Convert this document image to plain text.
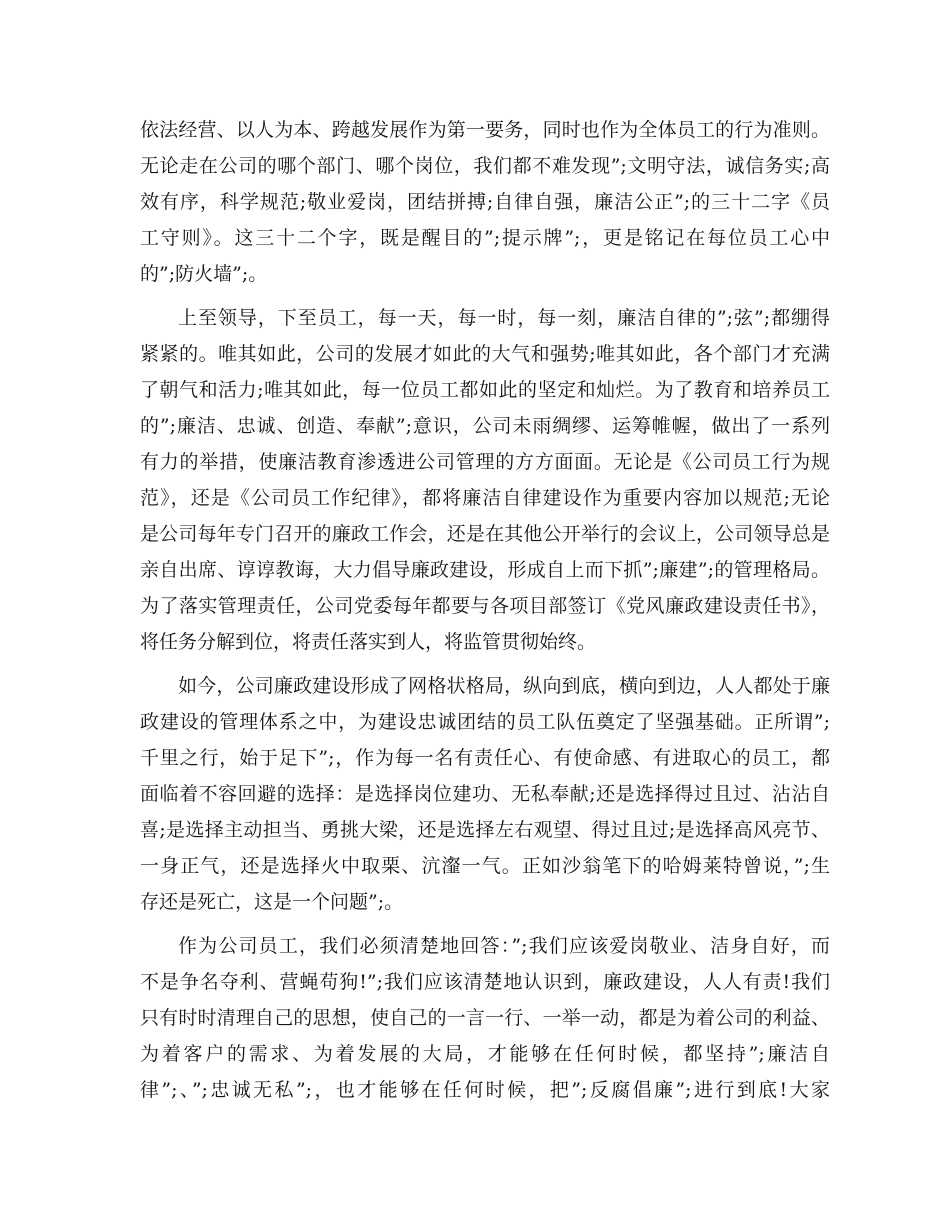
依法经营、以人为本、跨越发展作为第一要务，同时也作为全体员工的行为准则。
无论走在公司的哪个部门、哪个岗位，我们都不难发现”;文明守法，诚信务实;高
效有序，科学规范;敬业爱岗，团结拼搏;自律自强，廉洁公正”;的三十二字《员
工守则》。这三十二个字，既是醒目的”;提示牌”;，更是铭记在每位员工心中
的”;防火墙”;。
上至领导，下至员工，每一天，每一时，每一刻，廉洁自律的”;弦”;都绷得
紧紧的。唯其如此，公司的发展才如此的大气和强势;唯其如此，各个部门才充满
了朝气和活力;唯其如此，每一位员工都如此的坚定和灿烂。为了教育和培养员工
的”;廉洁、忠诚、创造、奉献”;意识，公司未雨绸缪、运筹帷幄，做出了一系列
有力的举措，使廉洁教育渗透进公司管理的方方面面。无论是《公司员工行为规
范》，还是《公司员工作纪律》，都将廉洁自律建设作为重要内容加以规范;无论
是公司每年专门召开的廉政工作会，还是在其他公开举行的会议上，公司领导总是
亲自出席、谆谆教诲，大力倡导廉政建设，形成自上而下抓”;廉建”;的管理格局。
为了落实管理责任，公司党委每年都要与各项目部签订《党风廉政建设责任书》，
将任务分解到位，将责任落实到人，将监管贯彻始终。
如今，公司廉政建设形成了网格状格局，纵向到底，横向到边，人人都处于廉
政建设的管理体系之中，为建设忠诚团结的员工队伍奠定了坚强基础。正所谓”;
千里之行，始于足下”;，作为每一名有责任心、有使命感、有进取心的员工，都
面临着不容回避的选择：是选择岗位建功、无私奉献;还是选择得过且过、沾沾自
喜;是选择主动担当、勇挑大梁，还是选择左右观望、得过且过;是选择高风亮节、
一身正气，还是选择火中取栗、沆瀣一气。正如沙翁笔下的哈姆莱特曾说，”;生
存还是死亡，这是一个问题”;。
作为公司员工，我们必须清楚地回答：”;我们应该爱岗敬业、洁身自好，而
不是争名夺利、营蝇苟狗!”;我们应该清楚地认识到，廉政建设，人人有责!我们
只有时时清理自己的思想，使自己的一言一行、一举一动，都是为着公司的利益、
为着客户的需求、为着发展的大局，才能够在任何时候，都坚持”;廉洁自
律”;、”;忠诚无私”;，也才能够在任何时候，把”;反腐倡廉”;进行到底!大家
